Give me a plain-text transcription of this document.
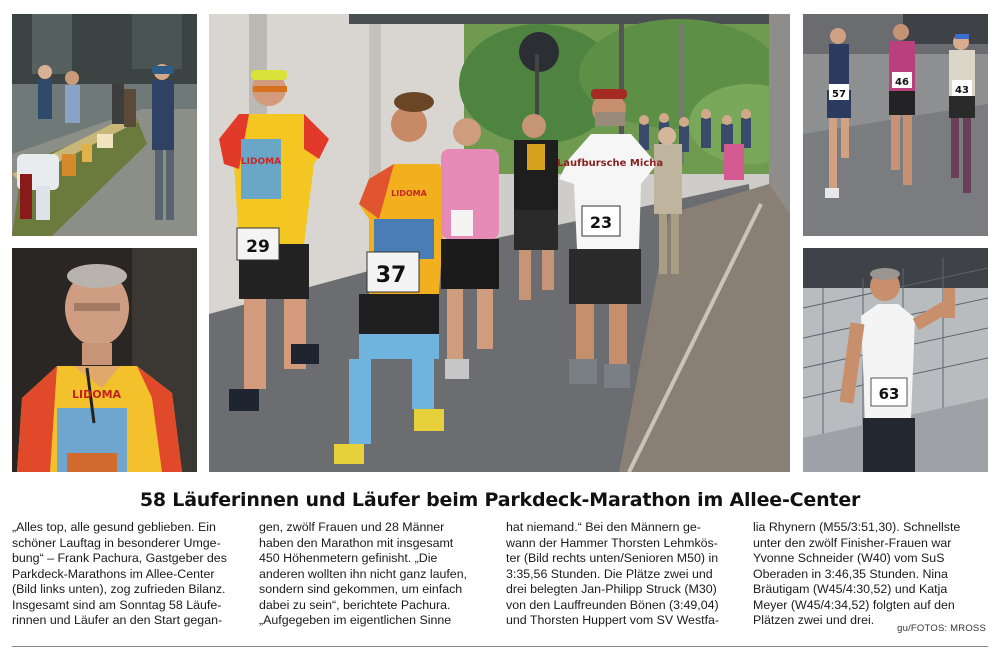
29
LIDOMA
37
LIDOMA
Laufbursche Micha
23
57
46
43
LIDOMA	63
58 Läuferinnen und Läufer beim Parkdeck-Marathon im Allee-Center
„Alles top, alle gesund geblieben. Ein
schöner Lauftag in besonderer Umge-
bung“ – Frank Pachura, Gastgeber des
Parkdeck-Marathons im Allee-Center
(Bild links unten), zog zufrieden Bilanz.
Insgesamt sind am Sonntag 58 Läufe-
rinnen und Läufer an den Start gegan-
gen, zwölf Frauen und 28 Männer
haben den Marathon mit insgesamt
450 Höhenmetern gefinisht. „Die
anderen wollten ihn nicht ganz laufen,
sondern sind gekommen, um einfach
dabei zu sein“, berichtete Pachura.
„Aufgegeben im eigentlichen Sinne
hat niemand.“ Bei den Männern ge-
wann der Hammer Thorsten Lehmkös-
ter (Bild rechts unten/Senioren M50) in
3:35,56 Stunden. Die Plätze zwei und
drei belegten Jan-Philipp Struck (M30)
von den Lauffreunden Bönen (3:49,04)
und Thorsten Huppert vom SV Westfa-
lia Rhynern (M55/3:51,30). Schnellste
unter den zwölf Finisher-Frauen war
Yvonne Schneider (W40) vom SuS
Oberaden in 3:46,35 Stunden. Nina
Bräutigam (W45/4:30,52) und Katja
Meyer (W45/4:34,52) folgten auf den
Plätzen zwei und drei.
gu/FOTOS: MROSS
